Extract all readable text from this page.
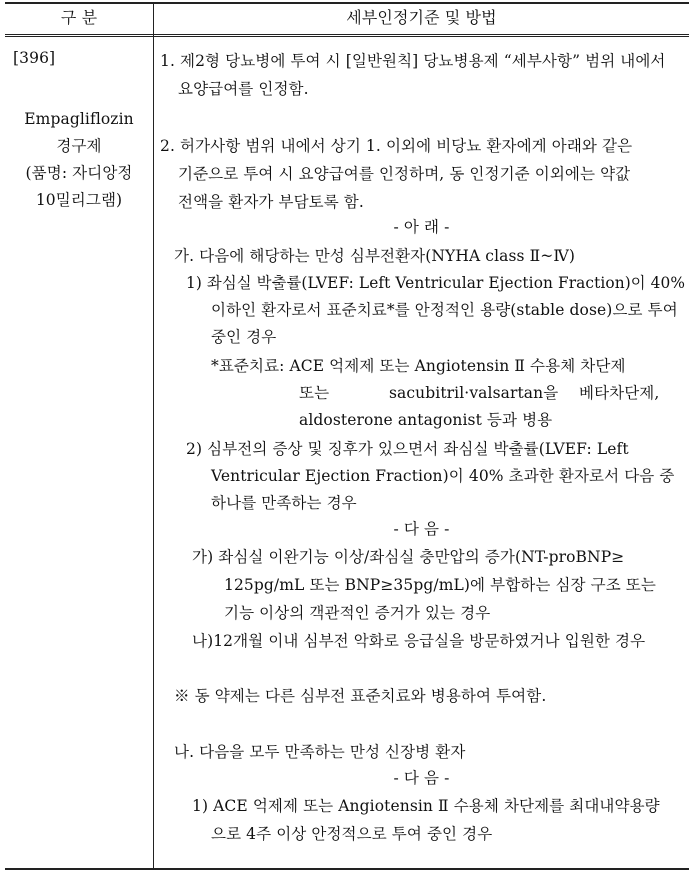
구 분	세부인정기준 및 방법
[396]
Empagliflozin
경구제
(품명: 자디앙정
10밀리그램)
1. 제2형 당뇨병에 투여 시 [일반원칙] 당뇨병용제 “세부사항” 범위 내에서
요양급여를 인정함.
2. 허가사항 범위 내에서 상기 1. 이외에 비당뇨 환자에게 아래와 같은
기준으로 투여 시 요양급여를 인정하며, 동 인정기준 이외에는 약값
전액을 환자가 부담토록 함.
- 아 래 -
가. 다음에 해당하는 만성 심부전환자(NYHA class Ⅱ~Ⅳ)
1) 좌심실 박출률(LVEF: Left Ventricular Ejection Fraction)이 40%
이하인 환자로서 표준치료*를 안정적인 용량(stable dose)으로 투여
중인 경우
*표준치료: ACE 억제제 또는 Angiotensin Ⅱ 수용체 차단제
또는	sacubitril·valsartan을 베타차단제,
aldosterone antagonist 등과 병용
2) 심부전의 증상 및 징후가 있으면서 좌심실 박출률(LVEF: Left
Ventricular Ejection Fraction)이 40% 초과한 환자로서 다음 중
하나를 만족하는 경우
- 다 음 -
가) 좌심실 이완기능 이상/좌심실 충만압의 증가(NT-proBNP≥
125pg/mL 또는 BNP≥35pg/mL)에 부합하는 심장 구조 또는
기능 이상의 객관적인 증거가 있는 경우
나)12개월 이내 심부전 악화로 응급실을 방문하였거나 입원한 경우
※ 동 약제는 다른 심부전 표준치료와 병용하여 투여함.
나. 다음을 모두 만족하는 만성 신장병 환자
- 다 음 -
1) ACE 억제제 또는 Angiotensin Ⅱ 수용체 차단제를 최대내약용량
으로 4주 이상 안정적으로 투여 중인 경우
